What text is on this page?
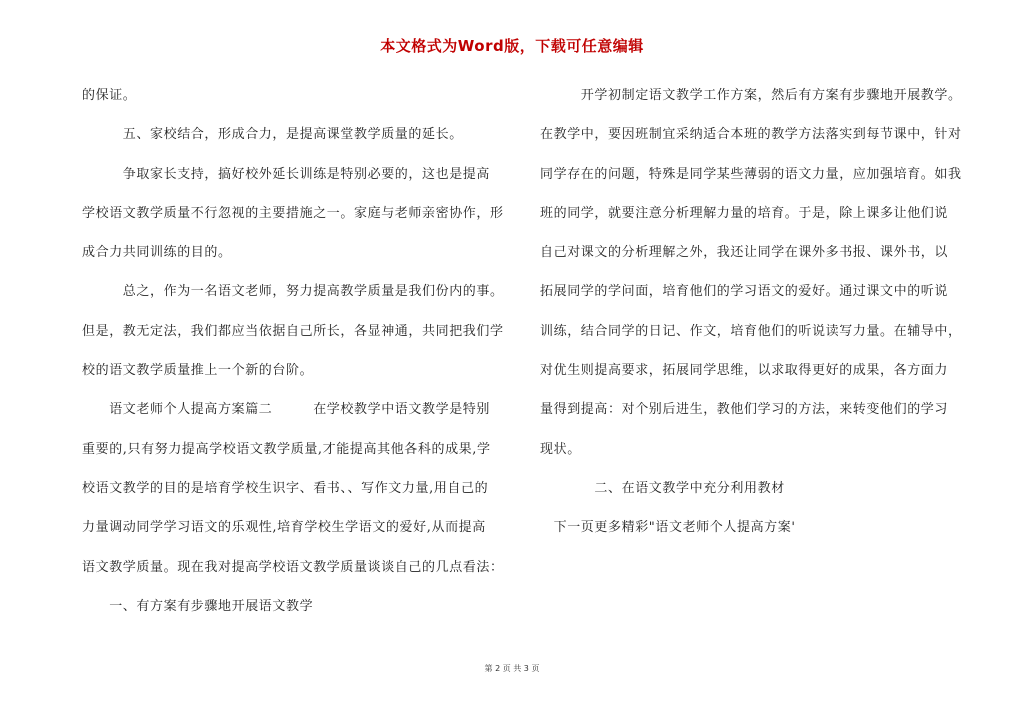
本文格式为Word版，下载可任意编辑
的保证。
　　　五、家校结合，形成合力，是提高课堂教学质量的延长。
　　　争取家长支持，搞好校外延长训练是特别必要的，这也是提高
学校语文教学质量不行忽视的主要措施之一。家庭与老师亲密协作，形
成合力共同训练的目的。
　　　总之，作为一名语文老师，努力提高教学质量是我们份内的事。
但是，教无定法，我们都应当依据自己所长，各显神通，共同把我们学
校的语文教学质量推上一个新的台阶。
　　语文老师个人提高方案篇二　　　在学校教学中语文教学是特别
重要的,只有努力提高学校语文教学质量,才能提高其他各科的成果,学
校语文教学的目的是培育学校生识字、看书、、写作文力量,用自己的
力量调动同学学习语文的乐观性,培育学校生学语文的爱好,从而提高
语文教学质量。现在我对提高学校语文教学质量谈谈自己的几点看法：
　　一、有方案有步骤地开展语文教学
　　　开学初制定语文教学工作方案，然后有方案有步骤地开展教学。
在教学中，要因班制宜采纳适合本班的教学方法落实到每节课中，针对
同学存在的问题，特殊是同学某些薄弱的语文力量，应加强培育。如我
班的同学，就要注意分析理解力量的培育。于是，除上课多让他们说
自己对课文的分析理解之外，我还让同学在课外多书报、课外书，以
拓展同学的学问面，培育他们的学习语文的爱好。通过课文中的听说
训练，结合同学的日记、作文，培育他们的听说读写力量。在辅导中，
对优生则提高要求，拓展同学思维，以求取得更好的成果，各方面力
量得到提高：对个别后进生，教他们学习的方法，来转变他们的学习
现状。
　　　　二、在语文教学中充分利用教材
　下一页更多精彩"语文老师个人提高方案'
第 2 页 共 3 页
